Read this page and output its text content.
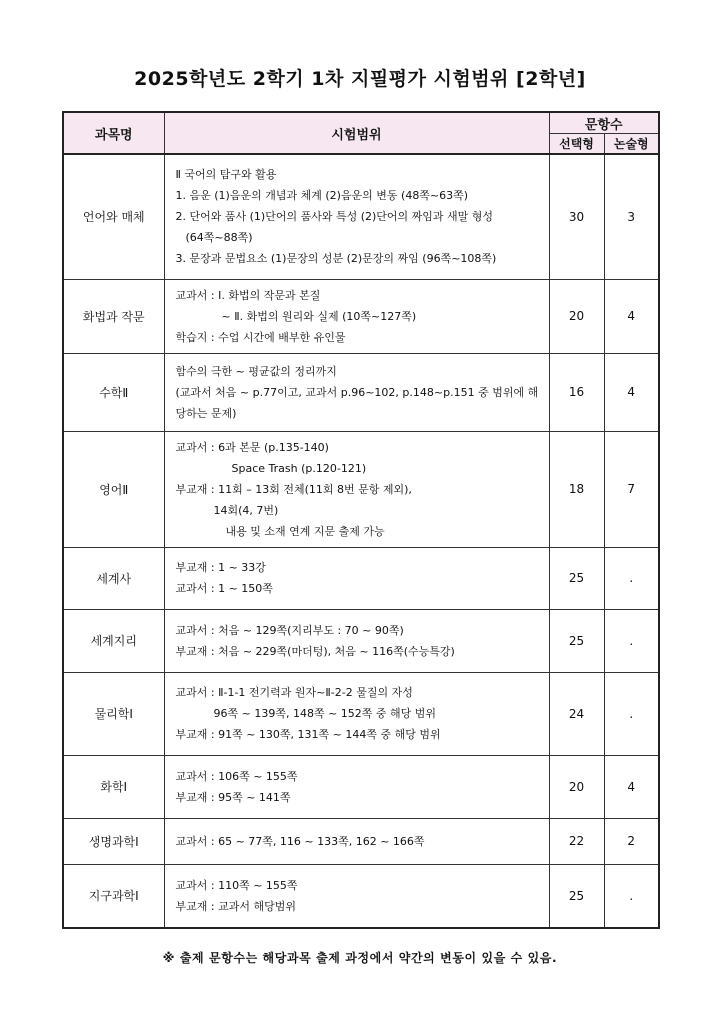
2025학년도 2학기 1차 지필평가 시험범위 [2학년]
과목명	시험범위	문항수	
		선택형	논술형
언어와 매체	Ⅱ 국어의 탐구와 활용
1. 음운 (1)음운의 개념과 체계 (2)음운의 변동 (48쪽~63쪽)
2. 단어와 품사 (1)단어의 품사와 특성 (2)단어의 짜임과 새말 형성
(64쪽~88쪽)
3. 문장과 문법요소 (1)문장의 성분 (2)문장의 짜임 (96쪽~108쪽)	30	3
화법과 작문	교과서 : Ⅰ. 화법의 작문과 본질
~ Ⅱ. 화법의 원리와 실제 (10쪽~127쪽)
학습지 : 수업 시간에 배부한 유인물	20	4
수학Ⅱ	함수의 극한 ~ 평균값의 정리까지
(교과서 처음 ~ p.77이고, 교과서 p.96~102, p.148~p.151 중 범위에 해
당하는 문제)	16	4
영어Ⅱ	교과서 : 6과 본문 (p.135-140)
Space Trash (p.120-121)
부교재 : 11회 – 13회 전체(11회 8번 문항 제외),
14회(4, 7번)
내용 및 소재 연계 지문 출제 가능	18	7
세계사	부교재 : 1 ~ 33강
교과서 : 1 ~ 150쪽	25	.
세계지리	교과서 : 처음 ~ 129쪽(지리부도 : 70 ~ 90쪽)
부교재 : 처음 ~ 229쪽(마더텅), 처음 ~ 116쪽(수능특강)	25	.
물리학Ⅰ	교과서 : Ⅱ-1-1 전기력과 원자~Ⅱ-2-2 물질의 자성
96쪽 ~ 139쪽, 148쪽 ~ 152쪽 중 해당 범위
부교재 : 91쪽 ~ 130쪽, 131쪽 ~ 144쪽 중 해당 범위	24	.
화학Ⅰ	교과서 : 106쪽 ~ 155쪽
부교재 : 95쪽 ~ 141쪽	20	4
생명과학Ⅰ	교과서 : 65 ~ 77쪽, 116 ~ 133쪽, 162 ~ 166쪽	22	2
지구과학Ⅰ	교과서 : 110쪽 ~ 155쪽
부교재 : 교과서 해당범위	25	.
※ 출제 문항수는 해당과목 출제 과정에서 약간의 변동이 있을 수 있음.
